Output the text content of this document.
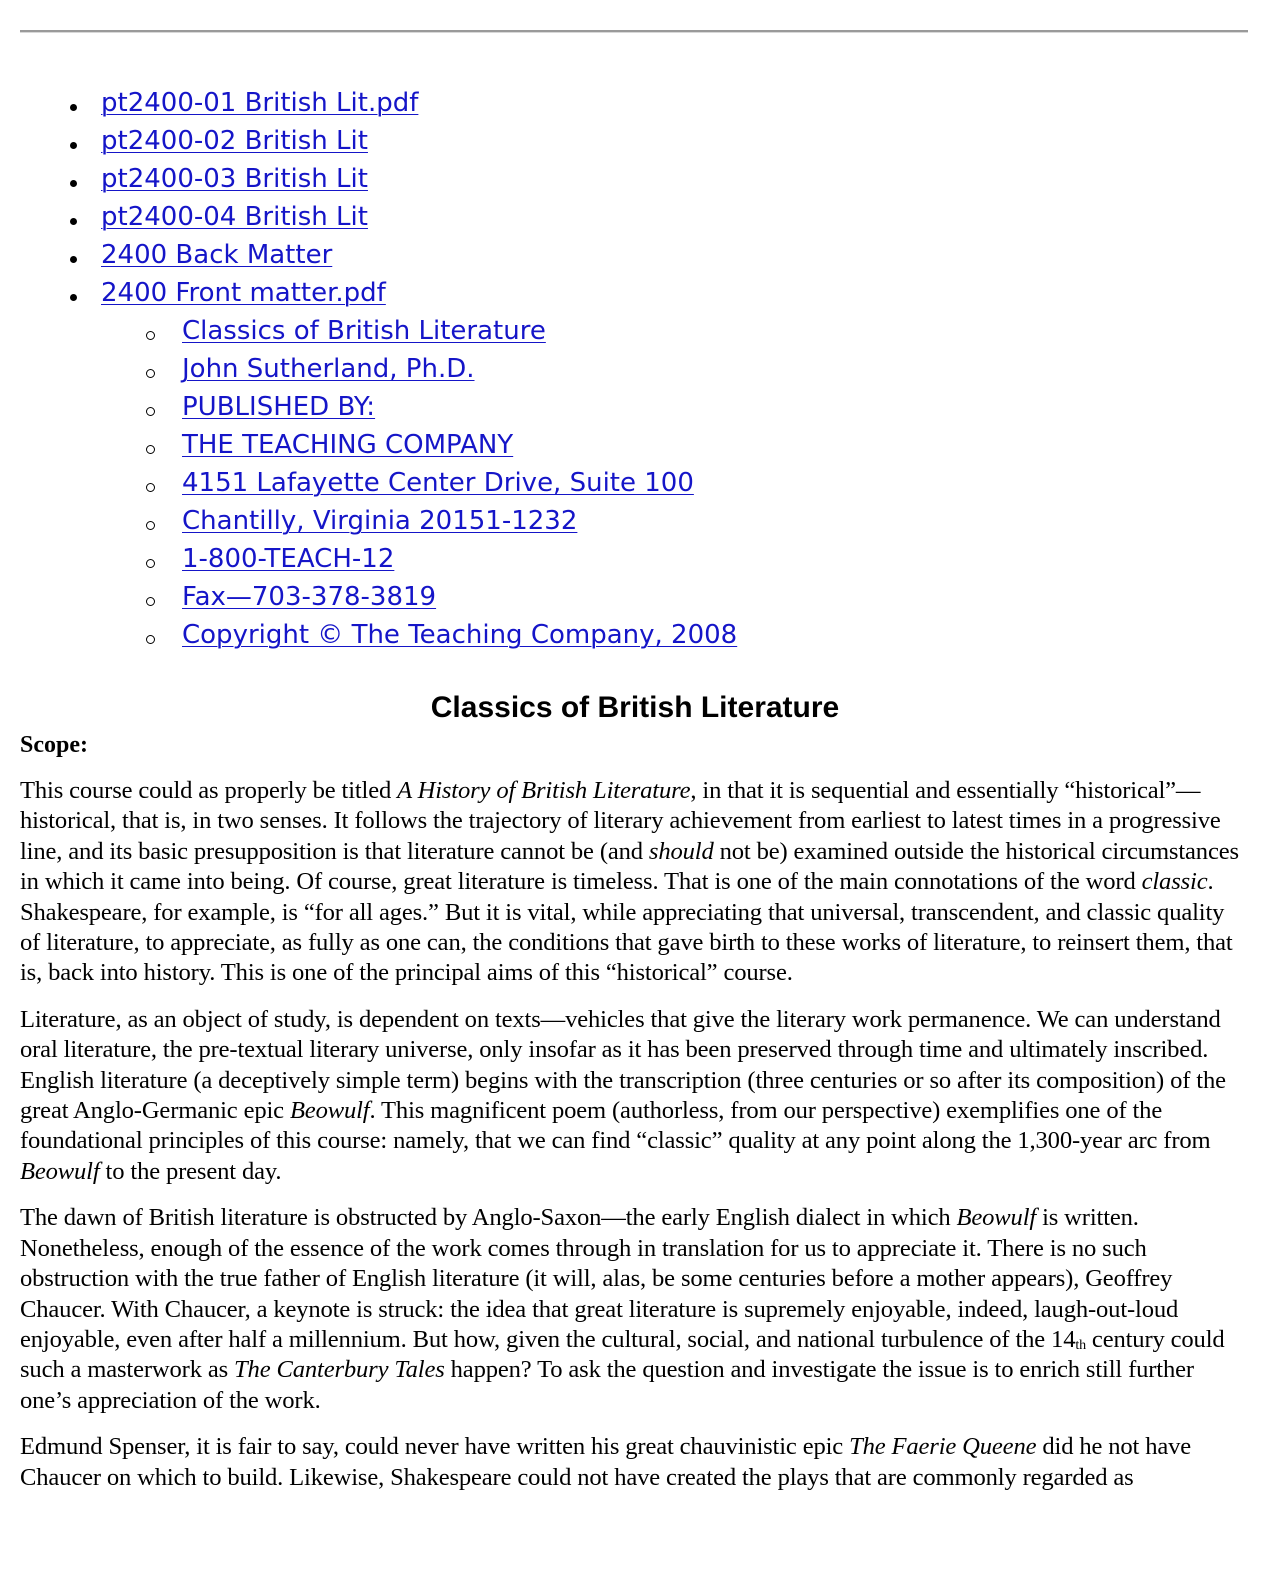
pt2400-01 British Lit.pdf
pt2400-02 British Lit
pt2400-03 British Lit
pt2400-04 British Lit
2400 Back Matter
2400 Front matter.pdf
Classics of British Literature
John Sutherland, Ph.D.
PUBLISHED BY:
THE TEACHING COMPANY
4151 Lafayette Center Drive, Suite 100
Chantilly, Virginia 20151-1232
1-800-TEACH-12
Fax—703-378-3819
Copyright © The Teaching Company, 2008
Classics of British Literature
Scope:

This course could as properly be titled A History of British Literature, in that it is sequential and essentially “historical”—historical, that is, in two senses. It follows the trajectory of literary achievement from earliest to latest times in a progressive line, and its basic presupposition is that literature cannot be (and should not be) examined outside the historical circumstances in which it came into being. Of course, great literature is timeless. That is one of the main connotations of the word classic. Shakespeare, for example, is “for all ages.” But it is vital, while appreciating that universal, transcendent, and classic quality of literature, to appreciate, as fully as one can, the conditions that gave birth to these works of literature, to reinsert them, that is, back into history. This is one of the principal aims of this “historical” course.

Literature, as an object of study, is dependent on texts—vehicles that give the literary work permanence. We can understand oral literature, the pre-textual literary universe, only insofar as it has been preserved through time and ultimately inscribed. English literature (a deceptively simple term) begins with the transcription (three centuries or so after its composition) of the great Anglo-Germanic epic Beowulf. This magnificent poem (authorless, from our perspective) exemplifies one of the foundational principles of this course: namely, that we can find “classic” quality at any point along the 1,300-year arc from Beowulf to the present day.

The dawn of British literature is obstructed by Anglo-Saxon—the early English dialect in which Beowulf is written. Nonetheless, enough of the essence of the work comes through in translation for us to appreciate it. There is no such obstruction with the true father of English literature (it will, alas, be some centuries before a mother appears), Geoffrey Chaucer. With Chaucer, a keynote is struck: the idea that great literature is supremely enjoyable, indeed, laugh-out-loud enjoyable, even after half a millennium. But how, given the cultural, social, and national turbulence of the 14th century could such a masterwork as The Canterbury Tales happen? To ask the question and investigate the issue is to enrich still further one’s appreciation of the work.

Edmund Spenser, it is fair to say, could never have written his great chauvinistic epic The Faerie Queene did he not have Chaucer on which to build. Likewise, Shakespeare could not have created the plays that are commonly regarded as
